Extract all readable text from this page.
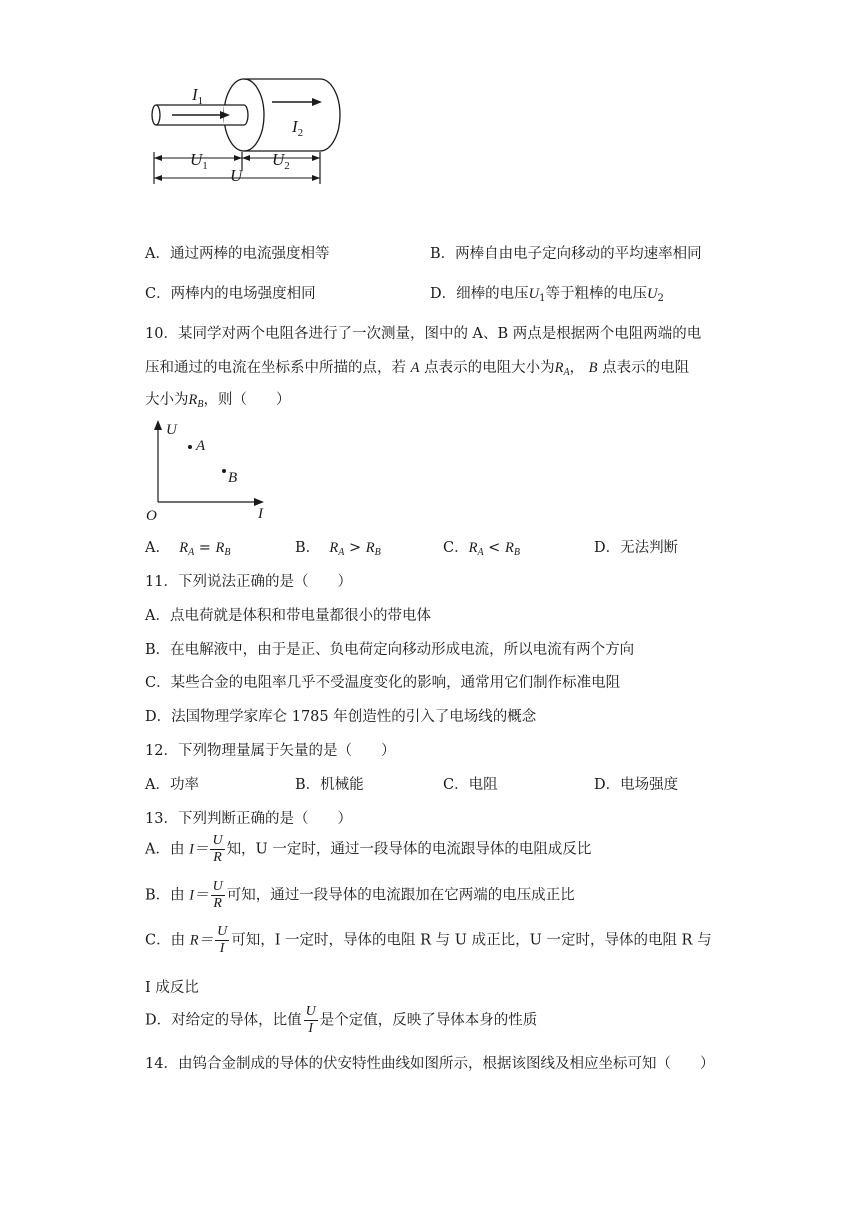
$I_1$
$I_2$
$U_1$	$U_2$
U
A．通过两棒的电流强度相等	B．两棒自由电子定向移动的平均速率相同
C．两棒内的电场强度相同	D．细棒的电压$U_1$等于粗棒的电压$U_2$
10．某同学对两个电阻各进行了一次测量，图中的 A、B 两点是根据两个电阻两端的电
压和通过的电流在坐标系中所描的点，若 A 点表示的电阻大小为$R_A$， B 点表示的电阻
大小为$R_B$，则（　　）
U
I
O
A
B
A． $R_A = R_B$	B． $R_A > R_B$	C．$R_A < R_B$	D．无法判断
11．下列说法正确的是（　　）
A．点电荷就是体积和带电量都很小的带电体
B．在电解液中，由于是正、负电荷定向移动形成电流，所以电流有两个方向
C．某些合金的电阻率几乎不受温度变化的影响，通常用它们制作标准电阻
D．法国物理学家库仑 1785 年创造性的引入了电场线的概念
12．下列物理量属于矢量的是（　　）
A．功率	B．机械能	C．电阻	D．电场强度
13．下列判断正确的是（　　）
A．由 $I= \frac{U}{R}$ 知，U 一定时，通过一段导体的电流跟导体的电阻成反比
B．由 $I= \frac{U}{R}$ 可知，通过一段导体的电流跟加在它两端的电压成正比
C．由 $R= \frac{U}{I}$ 可知，I 一定时，导体的电阻 R 与 U 成正比，U 一定时，导体的电阻 R 与
I 成反比
D．对给定的导体，比值 $\frac{U}{I}$ 是个定值，反映了导体本身的性质
14．由钨合金制成的导体的伏安特性曲线如图所示，根据该图线及相应坐标可知（　　）
